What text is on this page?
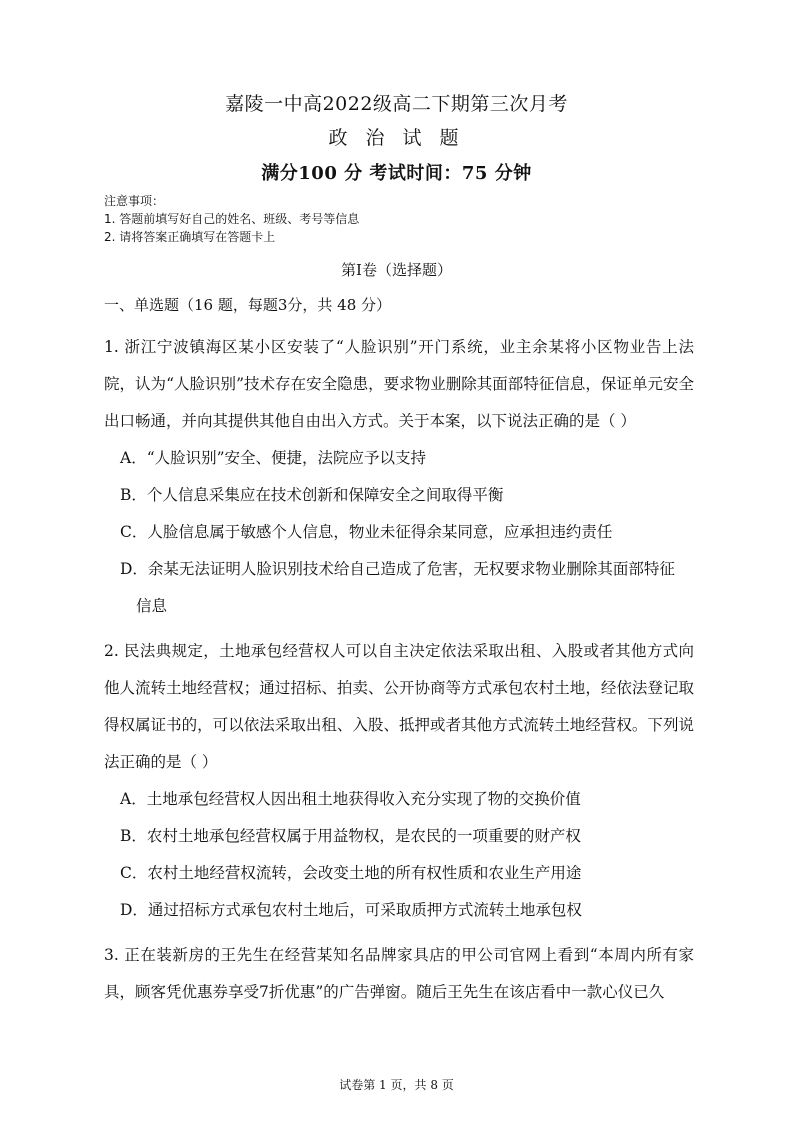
嘉陵一中高2022级高二下期第三次月考
政 治 试 题
满分100 分 考试时间：75 分钟
注意事项：
1. 答题前填写好自己的姓名、班级、考号等信息
2. 请将答案正确填写在答题卡上
第I卷（选择题）
一、单选题（16 题，每题3分，共 48 分）
1. 浙江宁波镇海区某小区安装了“人脸识别”开门系统，业主余某将小区物业告上法院，认为“人脸识别”技术存在安全隐患，要求物业删除其面部特征信息，保证单元安全出口畅通，并向其提供其他自由出入方式。关于本案，以下说法正确的是（ ）
A．“人脸识别”安全、便捷，法院应予以支持
B．个人信息采集应在技术创新和保障安全之间取得平衡
C．人脸信息属于敏感个人信息，物业未征得余某同意，应承担违约责任
D．余某无法证明人脸识别技术给自己造成了危害，无权要求物业删除其面部特征
信息
2. 民法典规定，土地承包经营权人可以自主决定依法采取出租、入股或者其他方式向他人流转土地经营权；通过招标、拍卖、公开协商等方式承包农村土地，经依法登记取得权属证书的，可以依法采取出租、入股、抵押或者其他方式流转土地经营权。下列说法正确的是（ ）
A．土地承包经营权人因出租土地获得收入充分实现了物的交换价值
B．农村土地承包经营权属于用益物权，是农民的一项重要的财产权
C．农村土地经营权流转，会改变土地的所有权性质和农业生产用途
D．通过招标方式承包农村土地后，可采取质押方式流转土地承包权
3. 正在装新房的王先生在经营某知名品牌家具店的甲公司官网上看到“本周内所有家具，顾客凭优惠券享受7折优惠”的广告弹窗。随后王先生在该店看中一款心仪已久
试卷第 1 页，共 8 页
